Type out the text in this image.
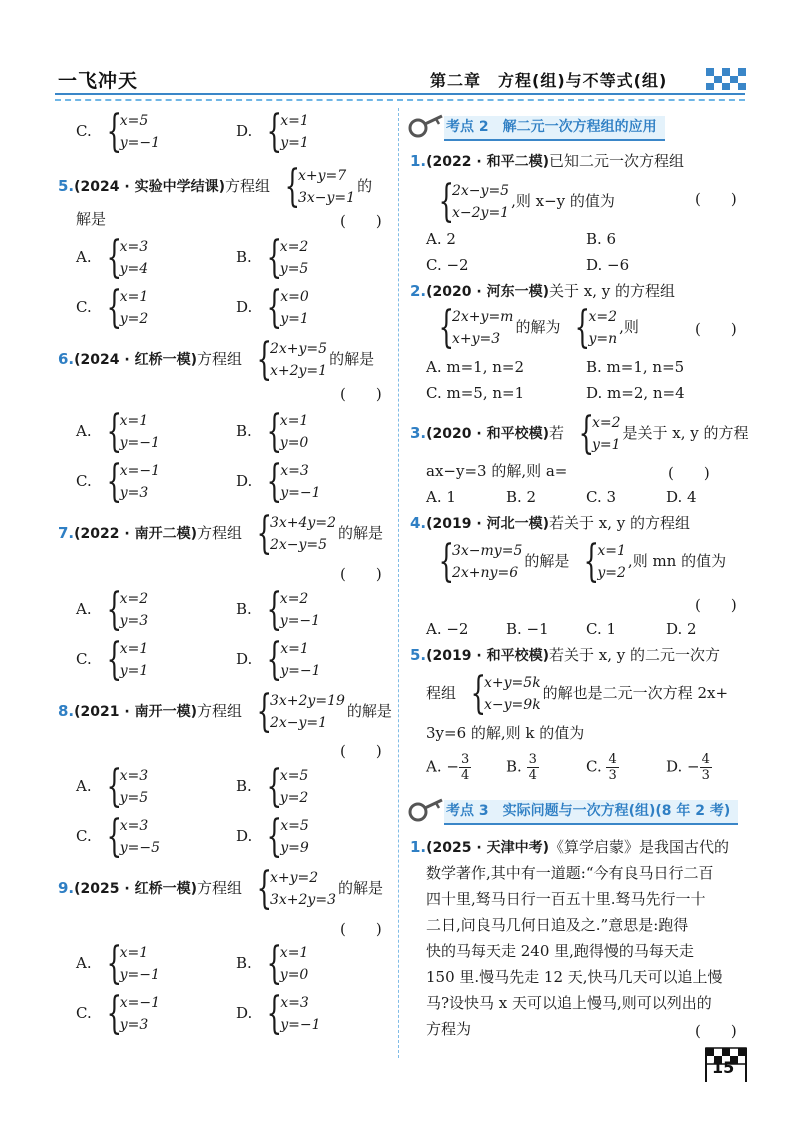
一飞冲天	第二章　方程(组)与不等式(组)
C. {
x=5
y=−1
D. {
x=1
y=1
5.(2024 · 实验中学结课)方程组 {
x+y=7
3x−y=1
的
解是	(　　)
A. {
x=3
y=4
B. {
x=2
y=5
C. {
x=1
y=2
D. {
x=0
y=1
6.(2024 · 红桥一模)方程组 {
2x+y=5
x+2y=1
的解是
(　　)
A. {
x=1
y=−1
B. {
x=1
y=0
C. {
x=−1
y=3
D. {
x=3
y=−1
7.(2022 · 南开二模)方程组 {
3x+4y=2
2x−y=5
的解是
(　　)
A. {
x=2
y=3
B. {
x=2
y=−1
C. {
x=1
y=1
D. {
x=1
y=−1
8.(2021 · 南开一模)方程组 {
3x+2y=19
2x−y=1
的解是
(　　)
A. {
x=3
y=5
B. {
x=5
y=2
C. {
x=3
y=−5
D. {
x=5
y=9
9.(2025 · 红桥一模)方程组 {
x+y=2
3x+2y=3
的解是
(　　)
A. {
x=1
y=−1
B. {
x=1
y=0
C. {
x=−1
y=3
D. {
x=3
y=−1
考点 2　解二元一次方程组的应用
1.(2022 · 和平二模)已知二元一次方程组
{
2x−y=5
x−2y=1
,则 x−y 的值为	(　　)
A. 2	B. 6
C. −2	D. −6
2.(2020 · 河东一模)关于 x, y 的方程组
{
2x+y=m
x+y=3
的解为 {
x=2
y=n
,则	(　　)
A. m=1, n=2	B. m=1, n=5
C. m=5, n=1	D. m=2, n=4
3.(2020 · 和平校模)若 {
x=2
y=1
是关于 x, y 的方程
ax−y=3 的解,则 a=	(　　)
A. 1	B. 2	C. 3	D. 4
4.(2019 · 河北一模)若关于 x, y 的方程组
{
3x−my=5
2x+ny=6
的解是 {
x=1
y=2
,则 mn 的值为
(　　)
A. −2	B. −1 C. 1	D. 2
5.(2019 · 和平校模)若关于 x, y 的二元一次方
程组 {
x+y=5k
x−y=9k
的解也是二元一次方程 2x+
3y=6 的解,则 k 的值为
A. − $\frac{3}{4} B$. $\frac{3}{4}$	C. $\frac{4}{3}$	D. − $\frac{4}{3}$
考点 3　实际问题与一次方程(组)(8 年 2 考)
1.(2025 · 天津中考)《算学启蒙》是我国古代的
数学著作,其中有一道题:“今有良马日行二百
四十里,驽马日行一百五十里.驽马先行一十
二日,问良马几何日追及之.”意思是:跑得
快的马每天走 240 里,跑得慢的马每天走
150 里.慢马先走 12 天,快马几天可以追上慢
马?设快马 x 天可以追上慢马,则可以列出的
方程为	(　　)
15
